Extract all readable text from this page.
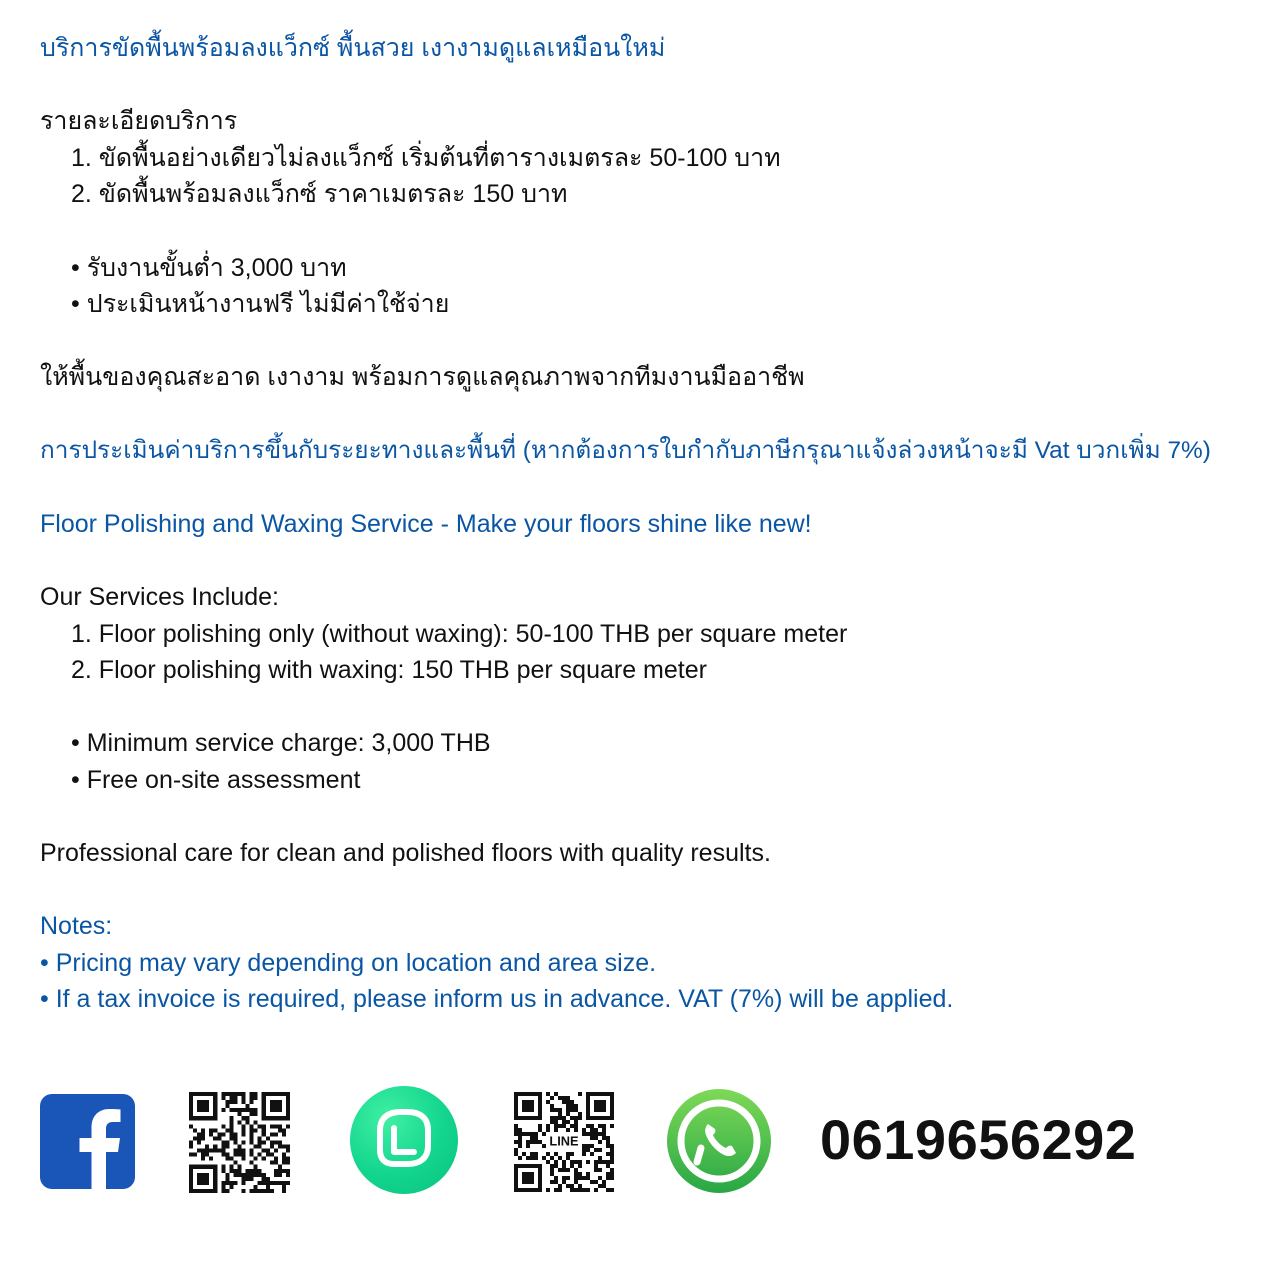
บริการขัดพื้นพร้อมลงแว็กซ์ พื้นสวย เงางามดูแลเหมือนใหม่

รายละเอียดบริการ

1. ขัดพื้นอย่างเดียวไม่ลงแว็กซ์ เริ่มต้นที่ตารางเมตรละ 50-100 บาท

2. ขัดพื้นพร้อมลงแว็กซ์ ราคาเมตรละ 150 บาท

• รับงานขั้นต่ำ 3,000 บาท

• ประเมินหน้างานฟรี ไม่มีค่าใช้จ่าย

ให้พื้นของคุณสะอาด เงางาม พร้อมการดูแลคุณภาพจากทีมงานมืออาชีพ

การประเมินค่าบริการขึ้นกับระยะทางและพื้นที่ (หากต้องการใบกำกับภาษีกรุณาแจ้งล่วงหน้าจะมี Vat บวกเพิ่ม 7%)

Floor Polishing and Waxing Service - Make your floors shine like new!

Our Services Include:

1. Floor polishing only (without waxing): 50-100 THB per square meter

2. Floor polishing with waxing: 150 THB per square meter

• Minimum service charge: 3,000 THB

• Free on-site assessment

Professional care for clean and polished floors with quality results.

Notes:

• Pricing may vary depending on location and area size.

• If a tax invoice is required, please inform us in advance. VAT (7%) will be applied.

LINE	0619656292
